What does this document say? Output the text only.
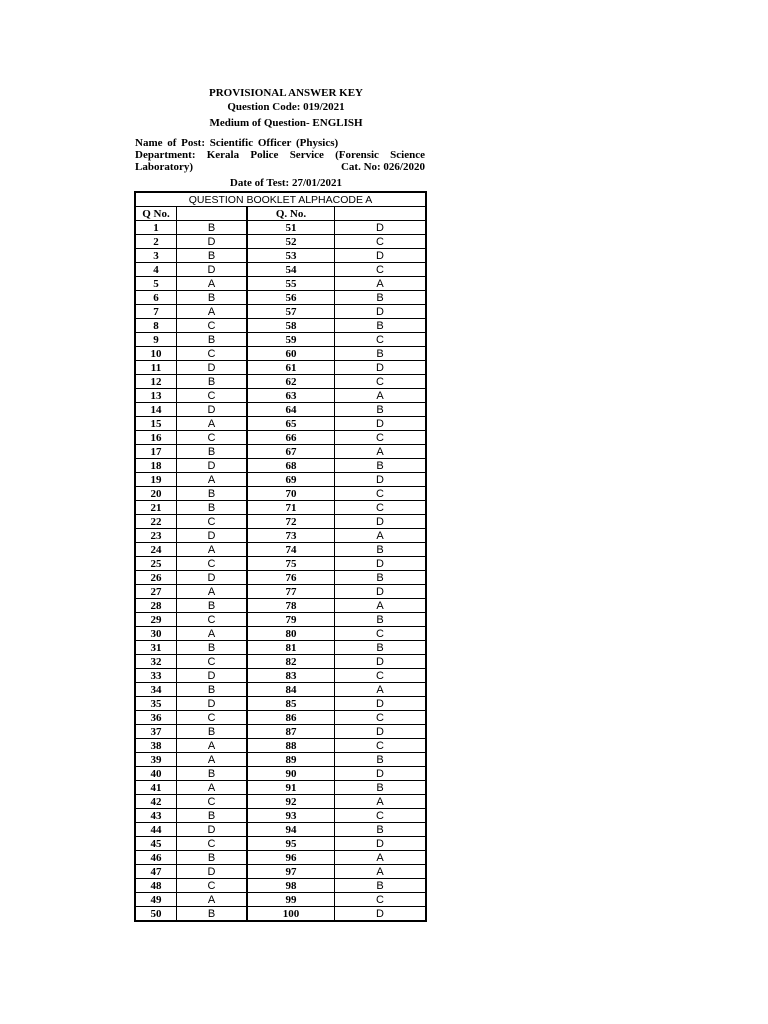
PROVISIONAL ANSWER KEY
Question Code: 019/2021
Medium of Question- ENGLISH
Name of Post: Scientific Officer (Physics)
Department: Kerala Police Service (Forensic Science
Laboratory)	Cat. No: 026/2020
Date of Test: 27/01/2021
QUESTION BOOKLET ALPHACODE A			
Q No.		Q. No.	
1	B	51	D
2	D	52	C
3	B	53	D
4	D	54	C
5	A	55	A
6	B	56	B
7	A	57	D
8	C	58	B
9	B	59	C
10	C	60	B
11	D	61	D
12	B	62	C
13	C	63	A
14	D	64	B
15	A	65	D
16	C	66	C
17	B	67	A
18	D	68	B
19	A	69	D
20	B	70	C
21	B	71	C
22	C	72	D
23	D	73	A
24	A	74	B
25	C	75	D
26	D	76	B
27	A	77	D
28	B	78	A
29	C	79	B
30	A	80	C
31	B	81	B
32	C	82	D
33	D	83	C
34	B	84	A
35	D	85	D
36	C	86	C
37	B	87	D
38	A	88	C
39	A	89	B
40	B	90	D
41	A	91	B
42	C	92	A
43	B	93	C
44	D	94	B
45	C	95	D
46	B	96	A
47	D	97	A
48	C	98	B
49	A	99	C
50	B	100	D
